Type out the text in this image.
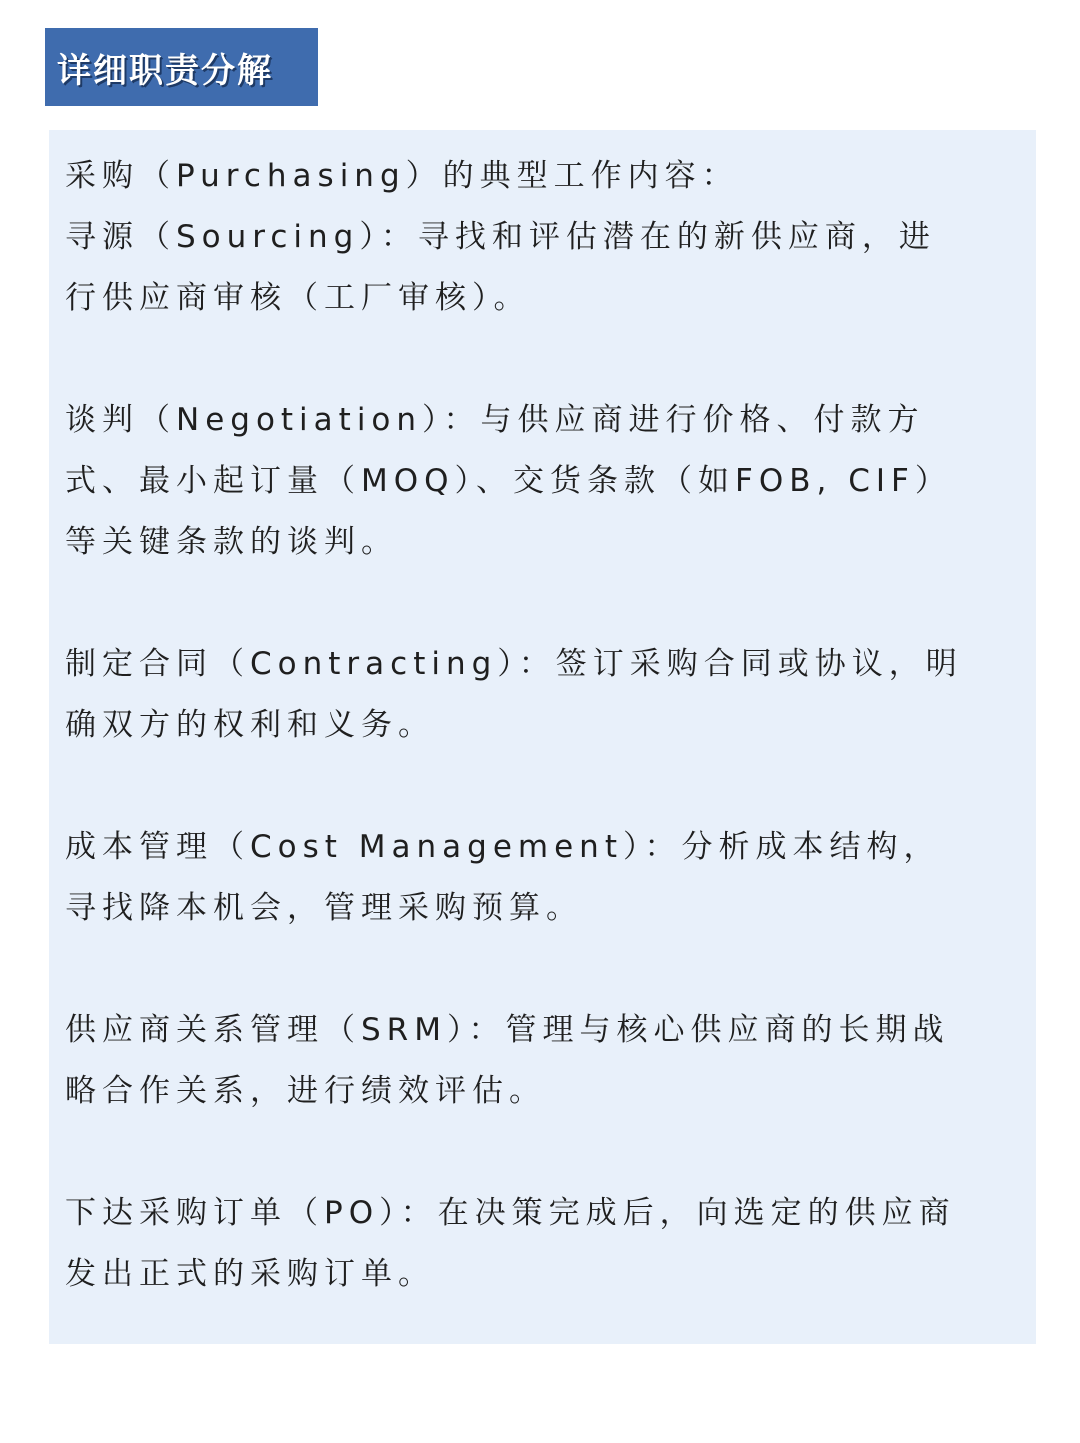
详细职责分解

采购（Purchasing）的典型工作内容：

寻源（Sourcing）：寻找和评估潜在的新供应商，进

行供应商审核（工厂审核）。

谈判（Negotiation）：与供应商进行价格、付款方

式、最小起订量（MOQ）、交货条款（如FOB, CIF）

等关键条款的谈判。

制定合同（Contracting）：签订采购合同或协议，明

确双方的权利和义务。

成本管理（Cost Management）：分析成本结构，

寻找降本机会，管理采购预算。

供应商关系管理（SRM）：管理与核心供应商的长期战

略合作关系，进行绩效评估。

下达采购订单（PO）：在决策完成后，向选定的供应商

发出正式的采购订单。
